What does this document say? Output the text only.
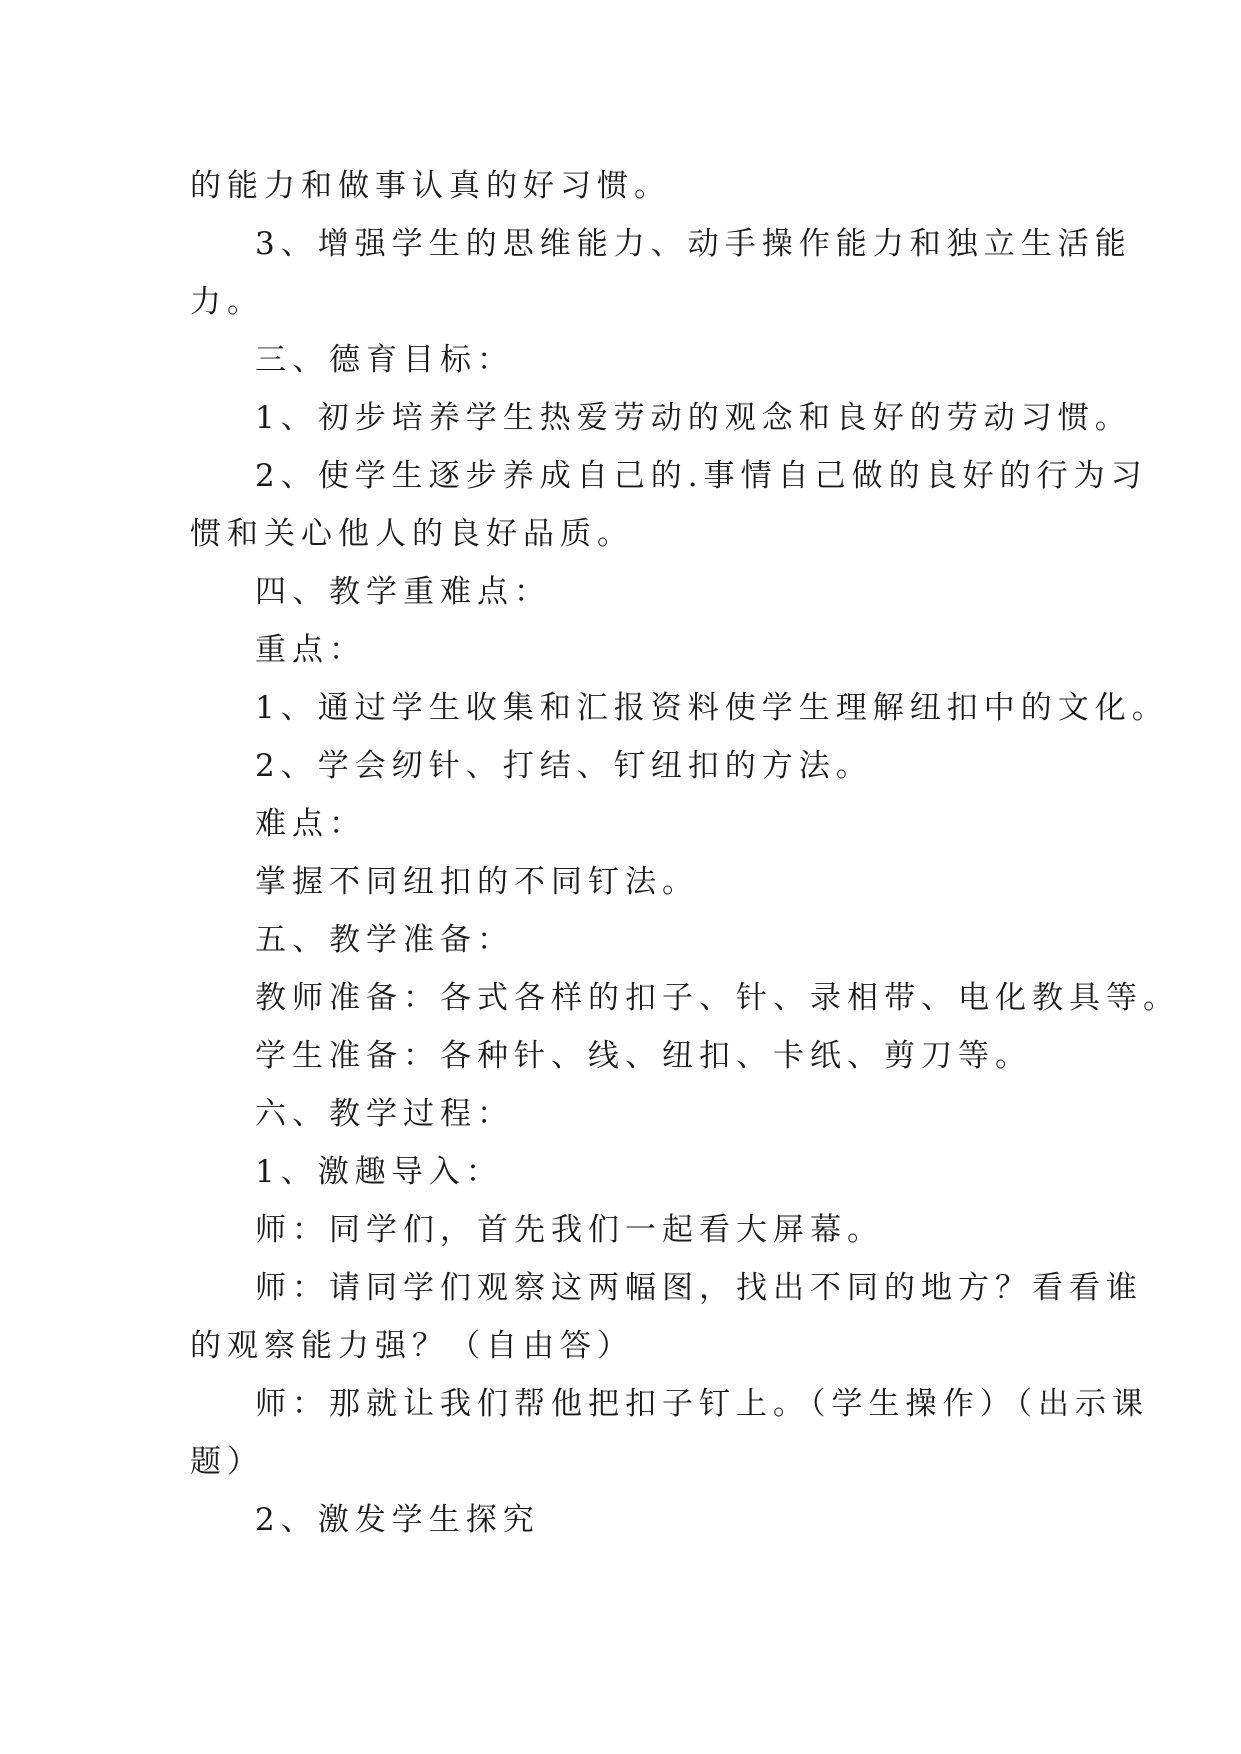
的能力和做事认真的好习惯。
3、增强学生的思维能力、动手操作能力和独立生活能
力。
三、德育目标：
1、初步培养学生热爱劳动的观念和良好的劳动习惯。
2、使学生逐步养成自己的.事情自己做的良好的行为习
惯和关心他人的良好品质。
四、教学重难点：
重点：
1、通过学生收集和汇报资料使学生理解纽扣中的文化。
2、学会纫针、打结、钉纽扣的方法。
难点：
掌握不同纽扣的不同钉法。
五、教学准备：
教师准备：各式各样的扣子、针、录相带、电化教具等。
学生准备：各种针、线、纽扣、卡纸、剪刀等。
六、教学过程：
1、激趣导入：
师：同学们，首先我们一起看大屏幕。
师：请同学们观察这两幅图，找出不同的地方？看看谁
的观察能力强？（自由答）
师：那就让我们帮他把扣子钉上。（学生操作）（出示课
题）
2、激发学生探究
